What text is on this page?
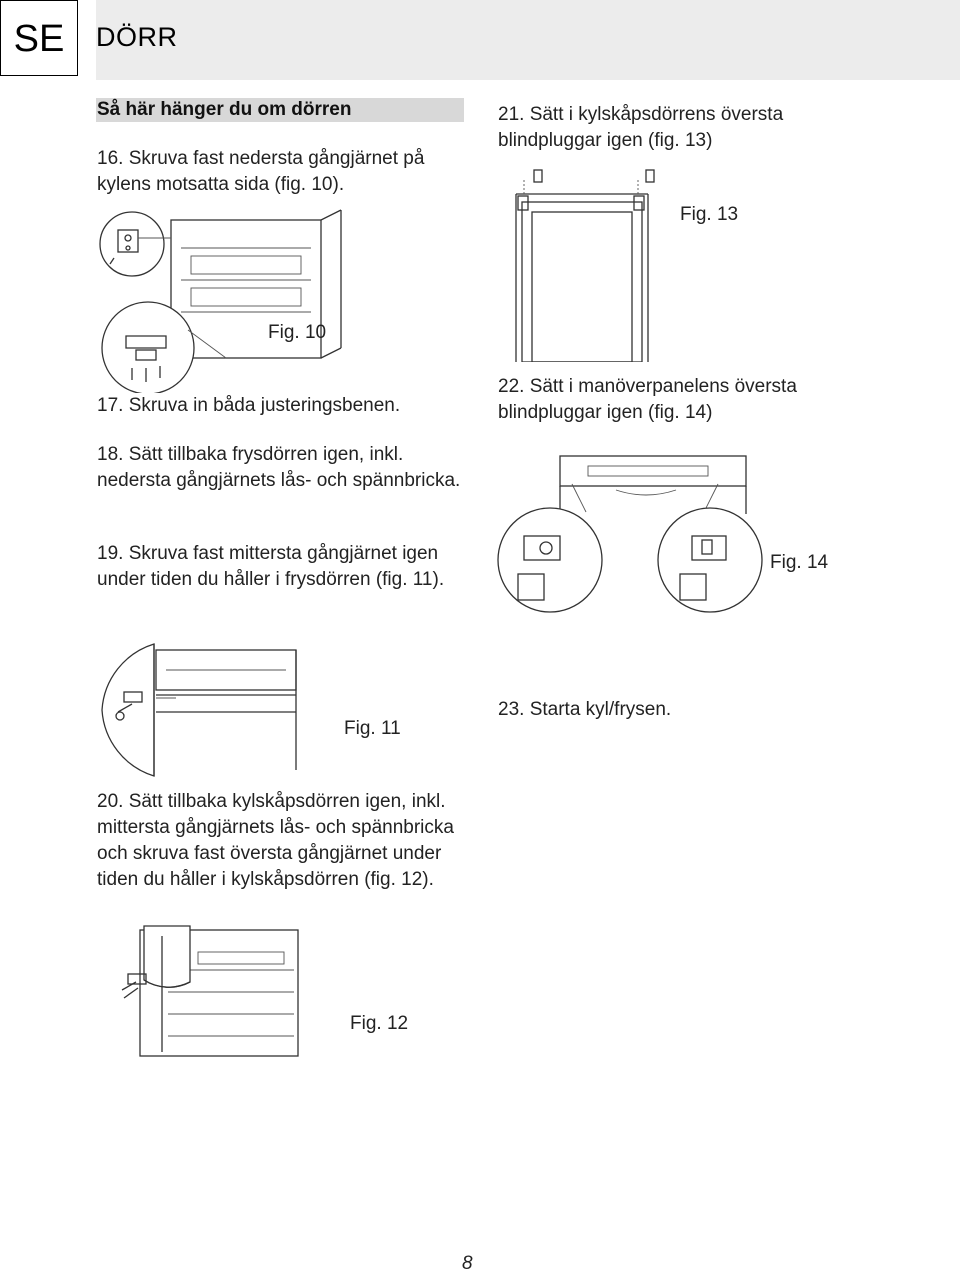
SE	DÖRR
Så här hänger du om dörren
16. Skruva fast nedersta gångjärnet på kylens motsatta sida (fig. 10).
Fig. 10
17. Skruva in båda justeringsbenen.
18. Sätt tillbaka frysdörren igen, inkl. nedersta gångjärnets lås- och spännbricka.
19. Skruva fast mittersta gångjärnet igen under tiden du håller i frysdörren (fig. 11).
Fig. 11
20. Sätt tillbaka kylskåpsdörren igen, inkl. mittersta gångjärnets lås- och spännbricka och skruva fast översta gångjärnet under tiden du håller i kylskåpsdörren (fig. 12).
Fig. 12
21. Sätt i kylskåpsdörrens översta blindpluggar igen (fig. 13)
Fig. 13
22. Sätt i manöverpanelens översta blindpluggar igen (fig. 14)
Fig. 14
23. Starta kyl/frysen.
8
